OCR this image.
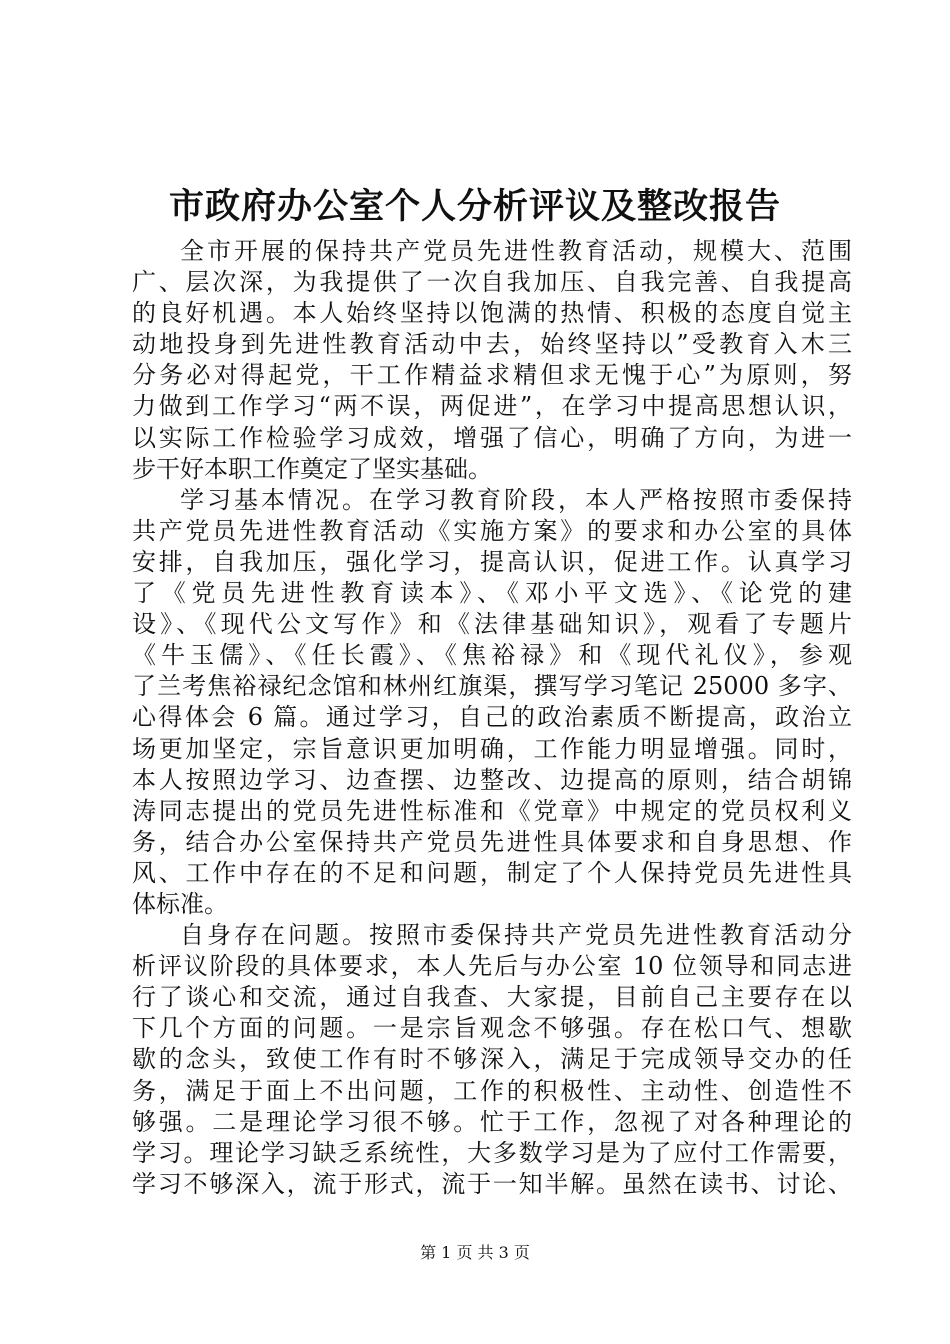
市政府办公室个人分析评议及整改报告
全市开展的保持共产党员先进性教育活动，规模大、范围
广、层次深，为我提供了一次自我加压、自我完善、自我提高
的良好机遇。本人始终坚持以饱满的热情、积极的态度自觉主
动地投身到先进性教育活动中去，始终坚持以”受教育入木三
分务必对得起党，干工作精益求精但求无愧于心”为原则，努
力做到工作学习“两不误，两促进”，在学习中提高思想认识，
以实际工作检验学习成效，增强了信心，明确了方向，为进一
步干好本职工作奠定了坚实基础。
学习基本情况。在学习教育阶段，本人严格按照市委保持
共产党员先进性教育活动《实施方案》的要求和办公室的具体
安排，自我加压，强化学习，提高认识，促进工作。认真学习
了《党员先进性教育读本》、《邓小平文选》、《论党的建
设》、《现代公文写作》和《法律基础知识》，观看了专题片
《牛玉儒》、《任长霞》、《焦裕禄》和《现代礼仪》，参观
了兰考焦裕禄纪念馆和林州红旗渠，撰写学习笔记 25000 多字、
心得体会 6 篇。通过学习，自己的政治素质不断提高，政治立
场更加坚定，宗旨意识更加明确，工作能力明显增强。同时，
本人按照边学习、边查摆、边整改、边提高的原则，结合胡锦
涛同志提出的党员先进性标准和《党章》中规定的党员权利义
务，结合办公室保持共产党员先进性具体要求和自身思想、作
风、工作中存在的不足和问题，制定了个人保持党员先进性具
体标准。
自身存在问题。按照市委保持共产党员先进性教育活动分
析评议阶段的具体要求，本人先后与办公室 10 位领导和同志进
行了谈心和交流，通过自我查、大家提，目前自己主要存在以
下几个方面的问题。一是宗旨观念不够强。存在松口气、想歇
歇的念头，致使工作有时不够深入，满足于完成领导交办的任
务，满足于面上不出问题，工作的积极性、主动性、创造性不
够强。二是理论学习很不够。忙于工作，忽视了对各种理论的
学习。理论学习缺乏系统性，大多数学习是为了应付工作需要，
学习不够深入，流于形式，流于一知半解。虽然在读书、讨论、
第 1 页 共 3 页
